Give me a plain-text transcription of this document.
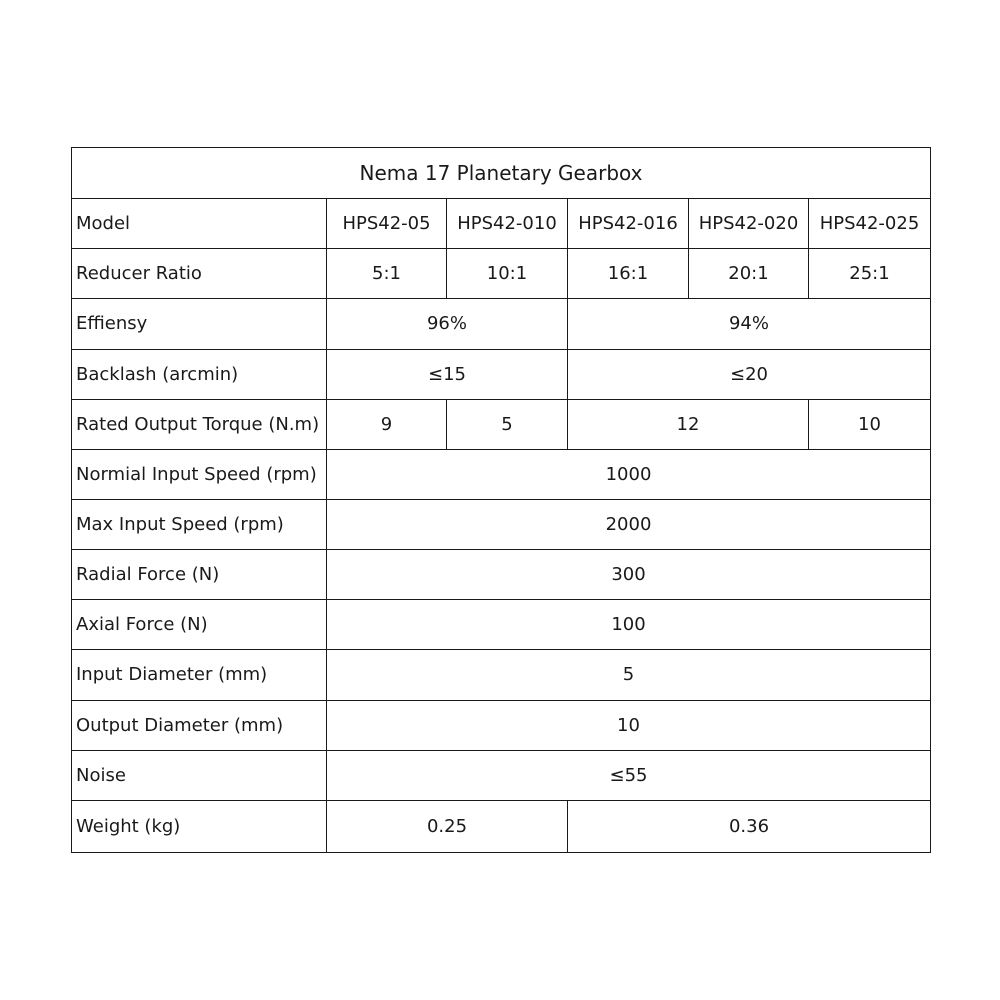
Nema 17 Planetary Gearbox					
Model	HPS42-05	HPS42-010	HPS42-016	HPS42-020	HPS42-025
Reducer Ratio	5:1	10:1	16:1	20:1	25:1
Effiensy	96%		94%		
Backlash (arcmin)	≤15		≤20		
Rated Output Torque (N.m)	9	5	12		10
Normial Input Speed (rpm)	1000				
Max Input Speed (rpm)	2000				
Radial Force (N)	300				
Axial Force (N)	100				
Input Diameter (mm)	5				
Output Diameter (mm)	10				
Noise	≤55				
Weight (kg)	0.25		0.36		
